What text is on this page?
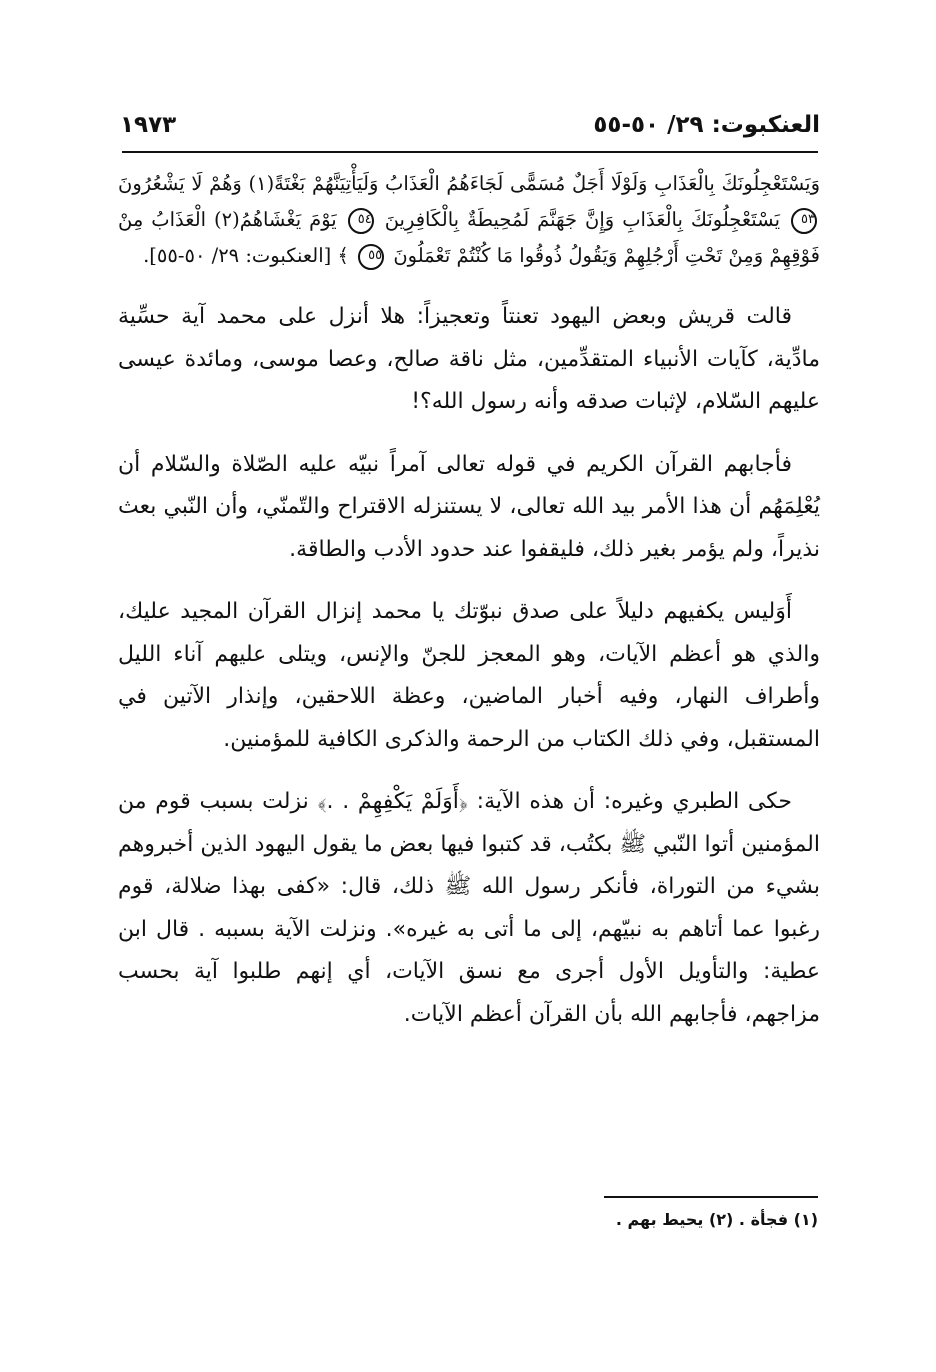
العنكبوت: ٢٩/ ٥٠-٥٥
١٩٧٣
وَيَسْتَعْجِلُونَكَ بِالْعَذَابِ وَلَوْلَا أَجَلٌ مُسَمًّى لَجَاءَهُمُ الْعَذَابُ وَلَيَأْتِيَنَّهُمْ بَغْتَةً(١) وَهُمْ لَا يَشْعُرُونَ ٥٣ يَسْتَعْجِلُونَكَ بِالْعَذَابِ وَإِنَّ جَهَنَّمَ لَمُحِيطَةٌ بِالْكَافِرِينَ ٥٤ يَوْمَ يَغْشَاهُمُ(٢) الْعَذَابُ مِنْ فَوْقِهِمْ وَمِنْ تَحْتِ أَرْجُلِهِمْ وَيَقُولُ ذُوقُوا مَا كُنْتُمْ تَعْمَلُونَ ٥٥ ﴾ [العنكبوت: ٢٩/ ٥٠-٥٥].

قالت قريش وبعض اليهود تعنتاً وتعجيزاً: هلا أنزل على محمد آية حسِّية مادِّية، كآيات الأنبياء المتقدِّمين، مثل ناقة صالح، وعصا موسى، ومائدة عيسى عليهم السّلام، لإثبات صدقه وأنه رسول الله؟!

فأجابهم القرآن الكريم في قوله تعالى آمراً نبيّه عليه الصّلاة والسّلام أن يُعْلِمَهُم أن هذا الأمر بيد الله تعالى، لا يستنزله الاقتراح والتّمنّي، وأن النّبي بعث نذيراً، ولم يؤمر بغير ذلك، فليقفوا عند حدود الأدب والطاقة.

أَوَليس يكفيهم دليلاً على صدق نبوّتك يا محمد إنزال القرآن المجيد عليك، والذي هو أعظم الآيات، وهو المعجز للجنّ والإنس، ويتلى عليهم آناء الليل وأطراف النهار، وفيه أخبار الماضين، وعظة اللاحقين، وإنذار الآتين في المستقبل، وفي ذلك الكتاب من الرحمة والذكرى الكافية للمؤمنين.

حكى الطبري وغيره: أن هذه الآية: ﴿أَوَلَمْ يَكْفِهِمْ . .﴾ نزلت بسبب قوم من المؤمنين أتوا النّبي ﷺ بكتُب، قد كتبوا فيها بعض ما يقول اليهود الذين أخبروهم بشيء من التوراة، فأنكر رسول الله ﷺ ذلك، قال: «كفى بهذا ضلالة، قوم رغبوا عما أتاهم به نبيّهم، إلى ما أتى به غيره». ونزلت الآية بسببه . قال ابن عطية: والتأويل الأول أجرى مع نسق الآيات، أي إنهم طلبوا آية بحسب مزاجهم، فأجابهم الله بأن القرآن أعظم الآيات.

(١) فجأة . (٢) يحيط بهم .
